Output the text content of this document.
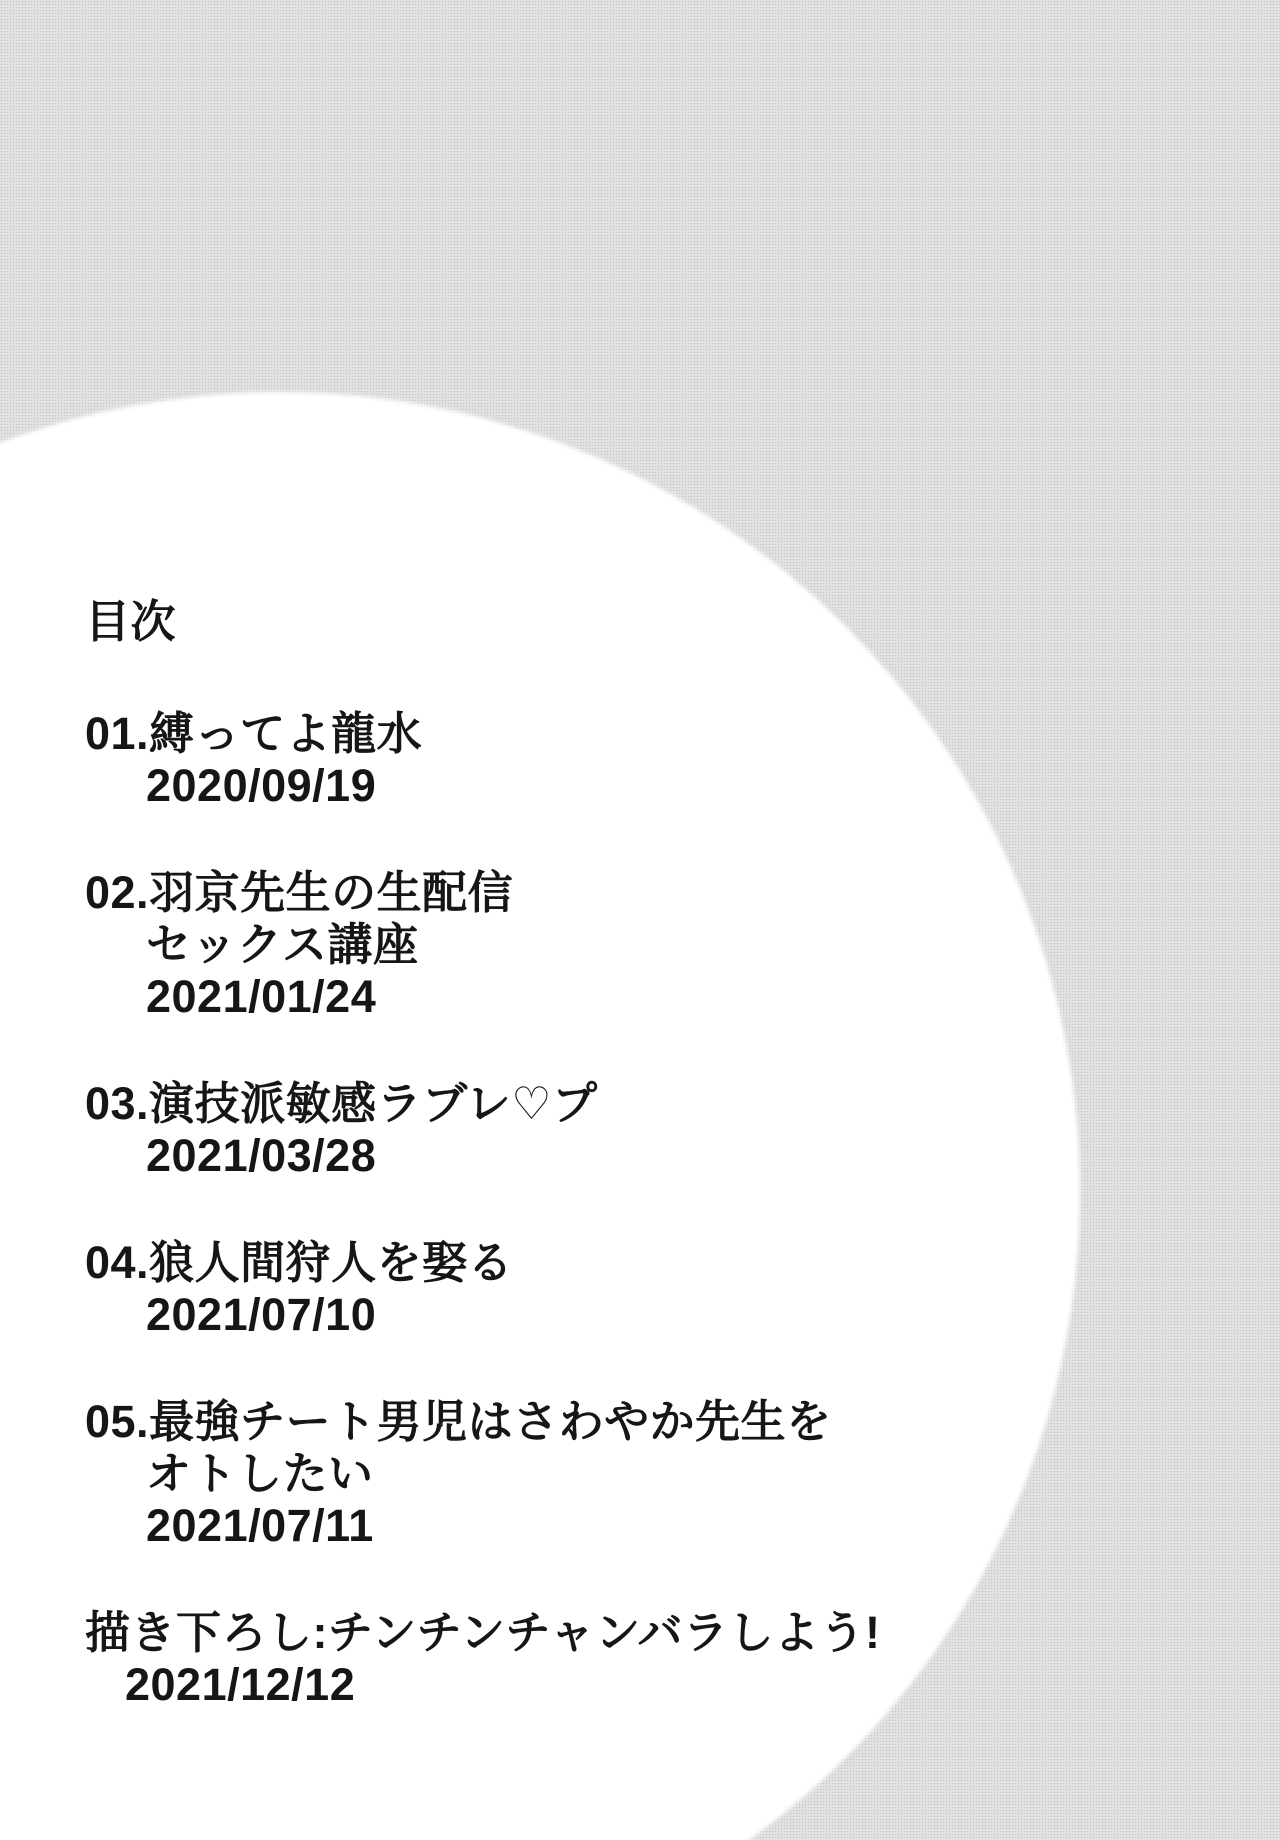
目次

01.縛ってよ龍水

2020/09/19

02.羽京先生の生配信

セックス講座

2021/01/24

03.演技派敏感ラブレ♡プ

2021/03/28

04.狼人間狩人を娶る

2021/07/10

05.最強チート男児はさわやか先生を

オトしたい

2021/07/11

描き下ろし:チンチンチャンバラしよう!

2021/12/12
